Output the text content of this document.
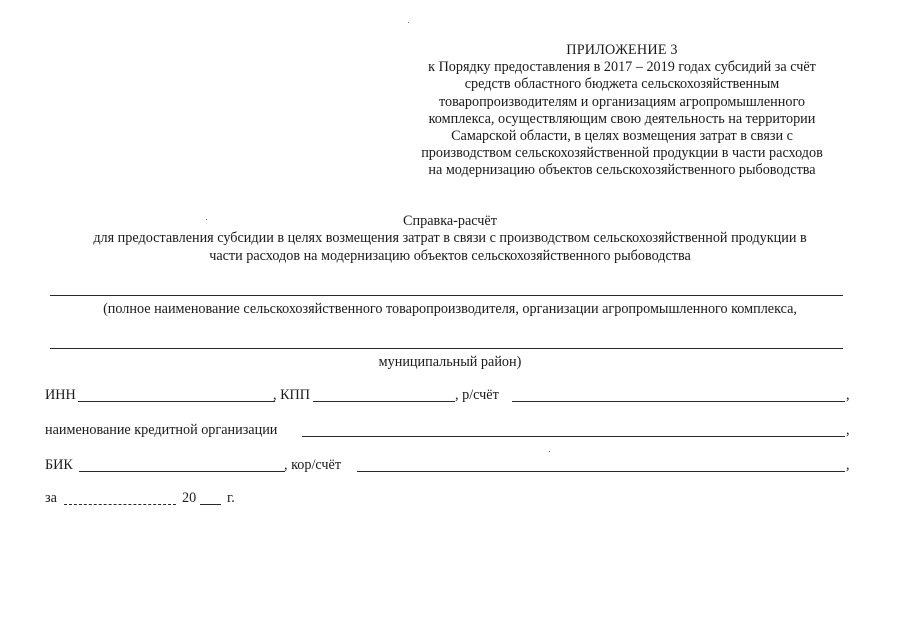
ПРИЛОЖЕНИЕ 3
к Порядку предоставления в 2017 – 2019 годах субсидий за счёт
средств областного бюджета сельскохозяйственным
товаропроизводителям и организациям агропромышленного
комплекса, осуществляющим свою деятельность на территории
Самарской области, в целях возмещения затрат в связи с
производством сельскохозяйственной продукции в части расходов
на модернизацию объектов сельскохозяйственного рыбоводства
Справка-расчёт
для предоставления субсидии в целях возмещения затрат в связи с производством сельскохозяйственной продукции в
части расходов на модернизацию объектов сельскохозяйственного рыбоводства
(полное наименование сельскохозяйственного товаропроизводителя, организации агропромышленного комплекса,
муниципальный район)
ИНН	, КПП	, р/счёт	,
наименование кредитной организации	,
БИК	, кор/счёт	,
за	20 г.
